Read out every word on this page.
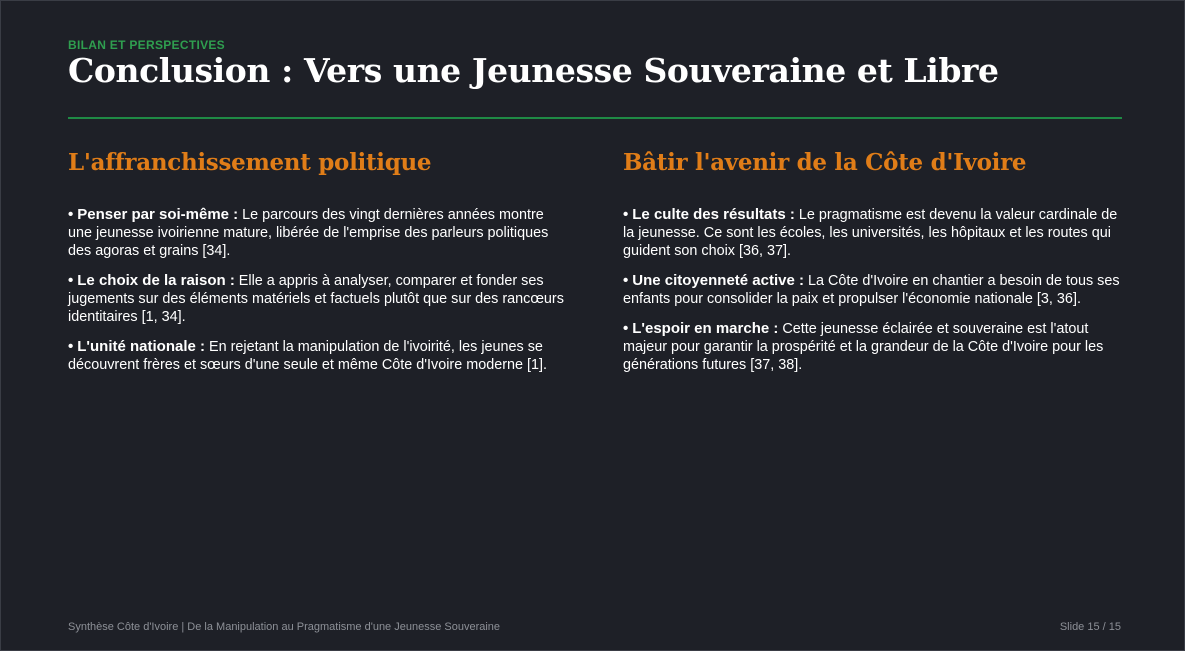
BILAN ET PERSPECTIVES
Conclusion : Vers une Jeunesse Souveraine et Libre
L'affranchissement politique

• Penser par soi-même : Le parcours des vingt dernières années montre une jeunesse ivoirienne mature, libérée de l'emprise des parleurs politiques des agoras et grains [34].

• Le choix de la raison : Elle a appris à analyser, comparer et fonder ses jugements sur des éléments matériels et factuels plutôt que sur des rancœurs identitaires [1, 34].

• L'unité nationale : En rejetant la manipulation de l'ivoirité, les jeunes se découvrent frères et sœurs d'une seule et même Côte d'Ivoire moderne [1].

Bâtir l'avenir de la Côte d'Ivoire

• Le culte des résultats : Le pragmatisme est devenu la valeur cardinale de la jeunesse. Ce sont les écoles, les universités, les hôpitaux et les routes qui guident son choix [36, 37].

• Une citoyenneté active : La Côte d'Ivoire en chantier a besoin de tous ses enfants pour consolider la paix et propulser l'économie nationale [3, 36].

• L'espoir en marche : Cette jeunesse éclairée et souveraine est l'atout majeur pour garantir la prospérité et la grandeur de la Côte d'Ivoire pour les générations futures [37, 38].

Synthèse Côte d'Ivoire | De la Manipulation au Pragmatisme d'une Jeunesse Souveraine	Slide 15 / 15
